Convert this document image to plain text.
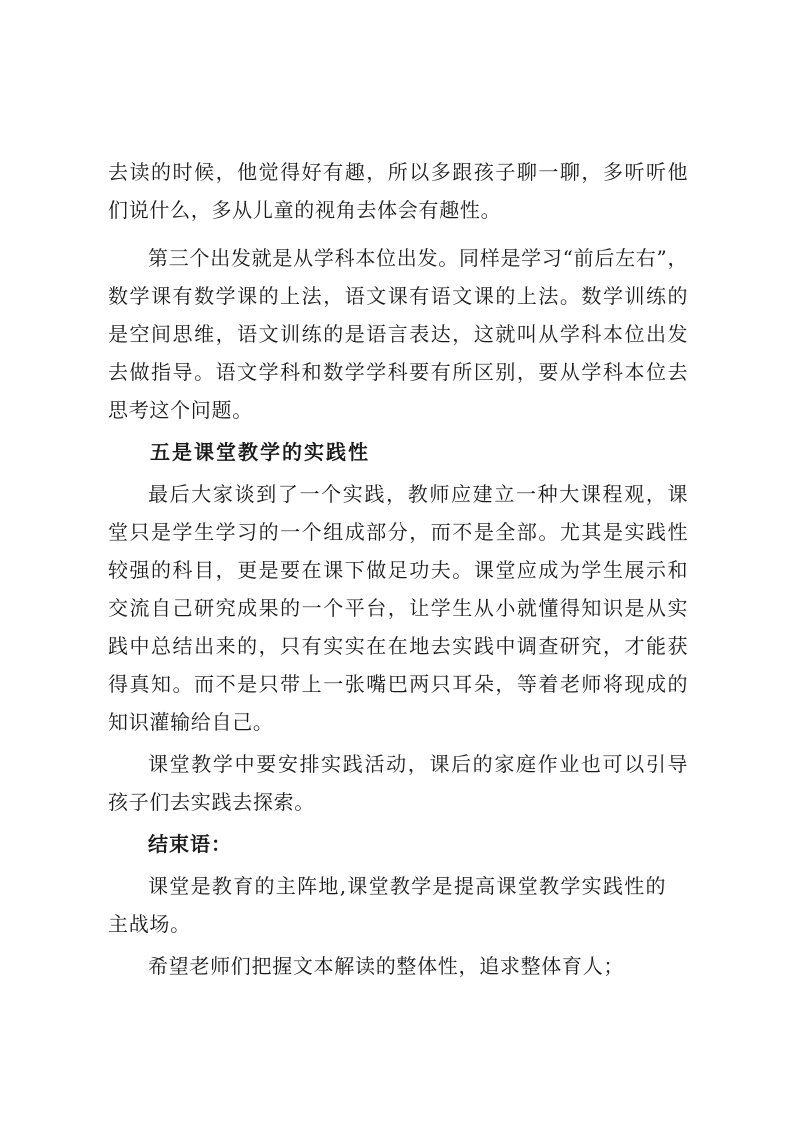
去读的时候，他觉得好有趣，所以多跟孩子聊一聊，多听听他
们说什么，多从儿童的视角去体会有趣性。
第三个出发就是从学科本位出发。同样是学习“前后左右”，
数学课有数学课的上法，语文课有语文课的上法。数学训练的
是空间思维，语文训练的是语言表达，这就叫从学科本位出发
去做指导。语文学科和数学学科要有所区别，要从学科本位去
思考这个问题。
五是课堂教学的实践性
最后大家谈到了一个实践，教师应建立一种大课程观，课
堂只是学生学习的一个组成部分，而不是全部。尤其是实践性
较强的科目，更是要在课下做足功夫。课堂应成为学生展示和
交流自己研究成果的一个平台，让学生从小就懂得知识是从实
践中总结出来的，只有实实在在地去实践中调查研究，才能获
得真知。而不是只带上一张嘴巴两只耳朵，等着老师将现成的
知识灌输给自己。
课堂教学中要安排实践活动，课后的家庭作业也可以引导
孩子们去实践去探索。
结束语：
课堂是教育的主阵地,课堂教学是提高课堂教学实践性的
主战场。
希望老师们把握文本解读的整体性，追求整体育人；
